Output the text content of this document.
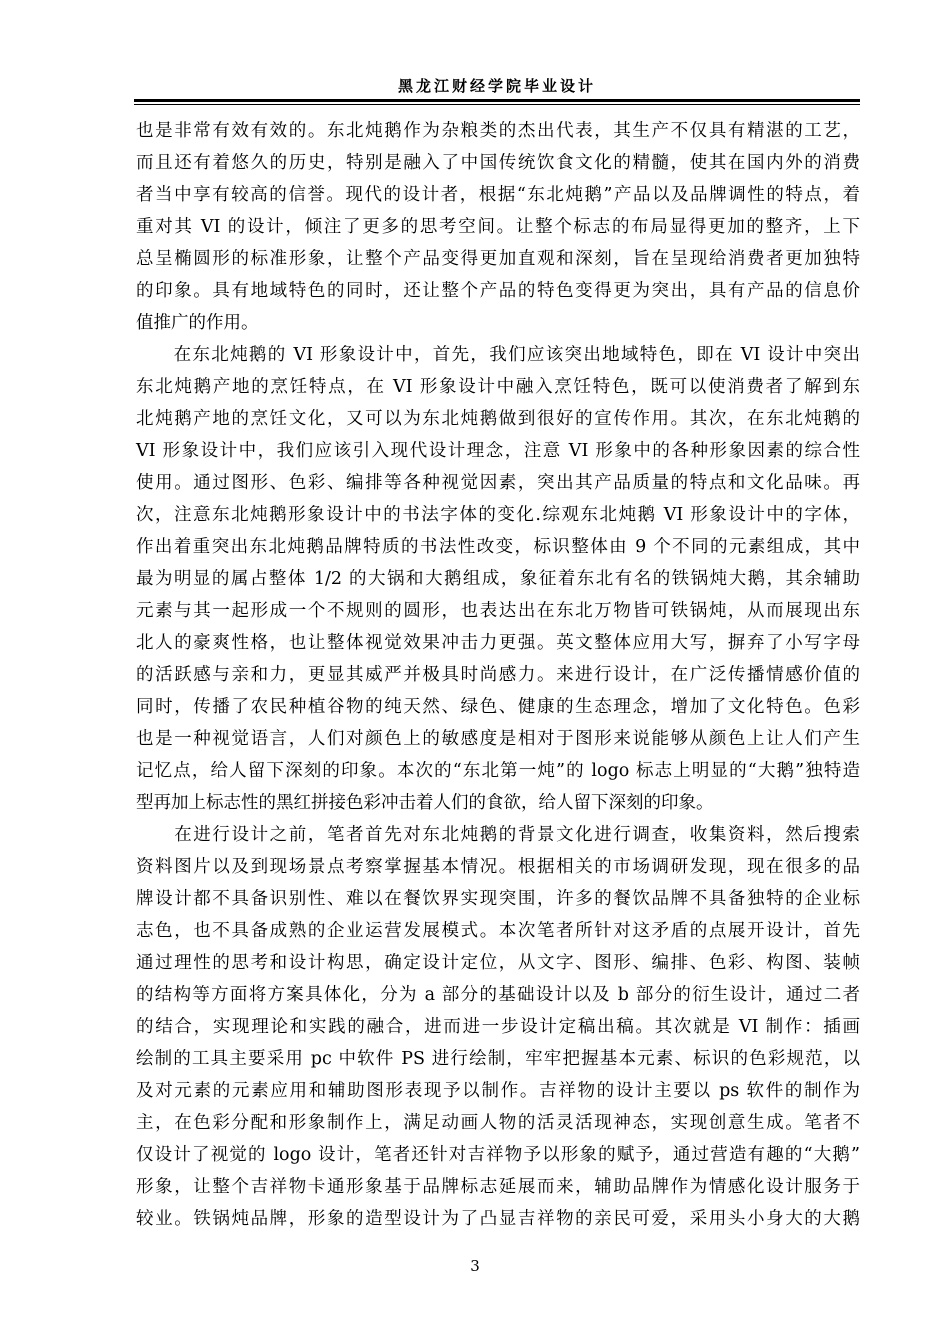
黑龙江财经学院毕业设计
也是非常有效有效的。东北炖鹅作为杂粮类的杰出代表，其生产不仅具有精湛的工艺，
而且还有着悠久的历史，特别是融入了中国传统饮食文化的精髓，使其在国内外的消费
者当中享有较高的信誉。现代的设计者，根据“东北炖鹅”产品以及品牌调性的特点，着
重对其 VI 的设计，倾注了更多的思考空间。让整个标志的布局显得更加的整齐，上下
总呈椭圆形的标准形象，让整个产品变得更加直观和深刻，旨在呈现给消费者更加独特
的印象。具有地域特色的同时，还让整个产品的特色变得更为突出，具有产品的信息价
值推广的作用。
　　在东北炖鹅的 VI 形象设计中，首先，我们应该突出地域特色，即在 VI 设计中突出
东北炖鹅产地的烹饪特点，在 VI 形象设计中融入烹饪特色，既可以使消费者了解到东
北炖鹅产地的烹饪文化，又可以为东北炖鹅做到很好的宣传作用。其次，在东北炖鹅的
VI 形象设计中，我们应该引入现代设计理念，注意 VI 形象中的各种形象因素的综合性
使用。通过图形、色彩、编排等各种视觉因素，突出其产品质量的特点和文化品味。再
次，注意东北炖鹅形象设计中的书法字体的变化.综观东北炖鹅 VI 形象设计中的字体，
作出着重突出东北炖鹅品牌特质的书法性改变，标识整体由 9 个不同的元素组成，其中
最为明显的属占整体 1/2 的大锅和大鹅组成，象征着东北有名的铁锅炖大鹅，其余辅助
元素与其一起形成一个不规则的圆形，也表达出在东北万物皆可铁锅炖，从而展现出东
北人的豪爽性格，也让整体视觉效果冲击力更强。英文整体应用大写，摒弃了小写字母
的活跃感与亲和力，更显其威严并极具时尚感力。来进行设计，在广泛传播情感价值的
同时，传播了农民种植谷物的纯天然、绿色、健康的生态理念，增加了文化特色。色彩
也是一种视觉语言，人们对颜色上的敏感度是相对于图形来说能够从颜色上让人们产生
记忆点，给人留下深刻的印象。本次的“东北第一炖”的 logo 标志上明显的“大鹅”独特造
型再加上标志性的黑红拼接色彩冲击着人们的食欲，给人留下深刻的印象。
　　在进行设计之前，笔者首先对东北炖鹅的背景文化进行调查，收集资料，然后搜索
资料图片以及到现场景点考察掌握基本情况。根据相关的市场调研发现，现在很多的品
牌设计都不具备识别性、难以在餐饮界实现突围，许多的餐饮品牌不具备独特的企业标
志色，也不具备成熟的企业运营发展模式。本次笔者所针对这矛盾的点展开设计，首先
通过理性的思考和设计构思，确定设计定位，从文字、图形、编排、色彩、构图、装帧
的结构等方面将方案具体化，分为 a 部分的基础设计以及 b 部分的衍生设计，通过二者
的结合，实现理论和实践的融合，进而进一步设计定稿出稿。其次就是 VI 制作：插画
绘制的工具主要采用 pc 中软件 PS 进行绘制，牢牢把握基本元素、标识的色彩规范，以
及对元素的元素应用和辅助图形表现予以制作。吉祥物的设计主要以 ps 软件的制作为
主，在色彩分配和形象制作上，满足动画人物的活灵活现神态，实现创意生成。笔者不
仅设计了视觉的 logo 设计，笔者还针对吉祥物予以形象的赋予，通过营造有趣的“大鹅”
形象，让整个吉祥物卡通形象基于品牌标志延展而来，辅助品牌作为情感化设计服务于
较业。铁锅炖品牌，形象的造型设计为了凸显吉祥物的亲民可爱，采用头小身大的大鹅
3
